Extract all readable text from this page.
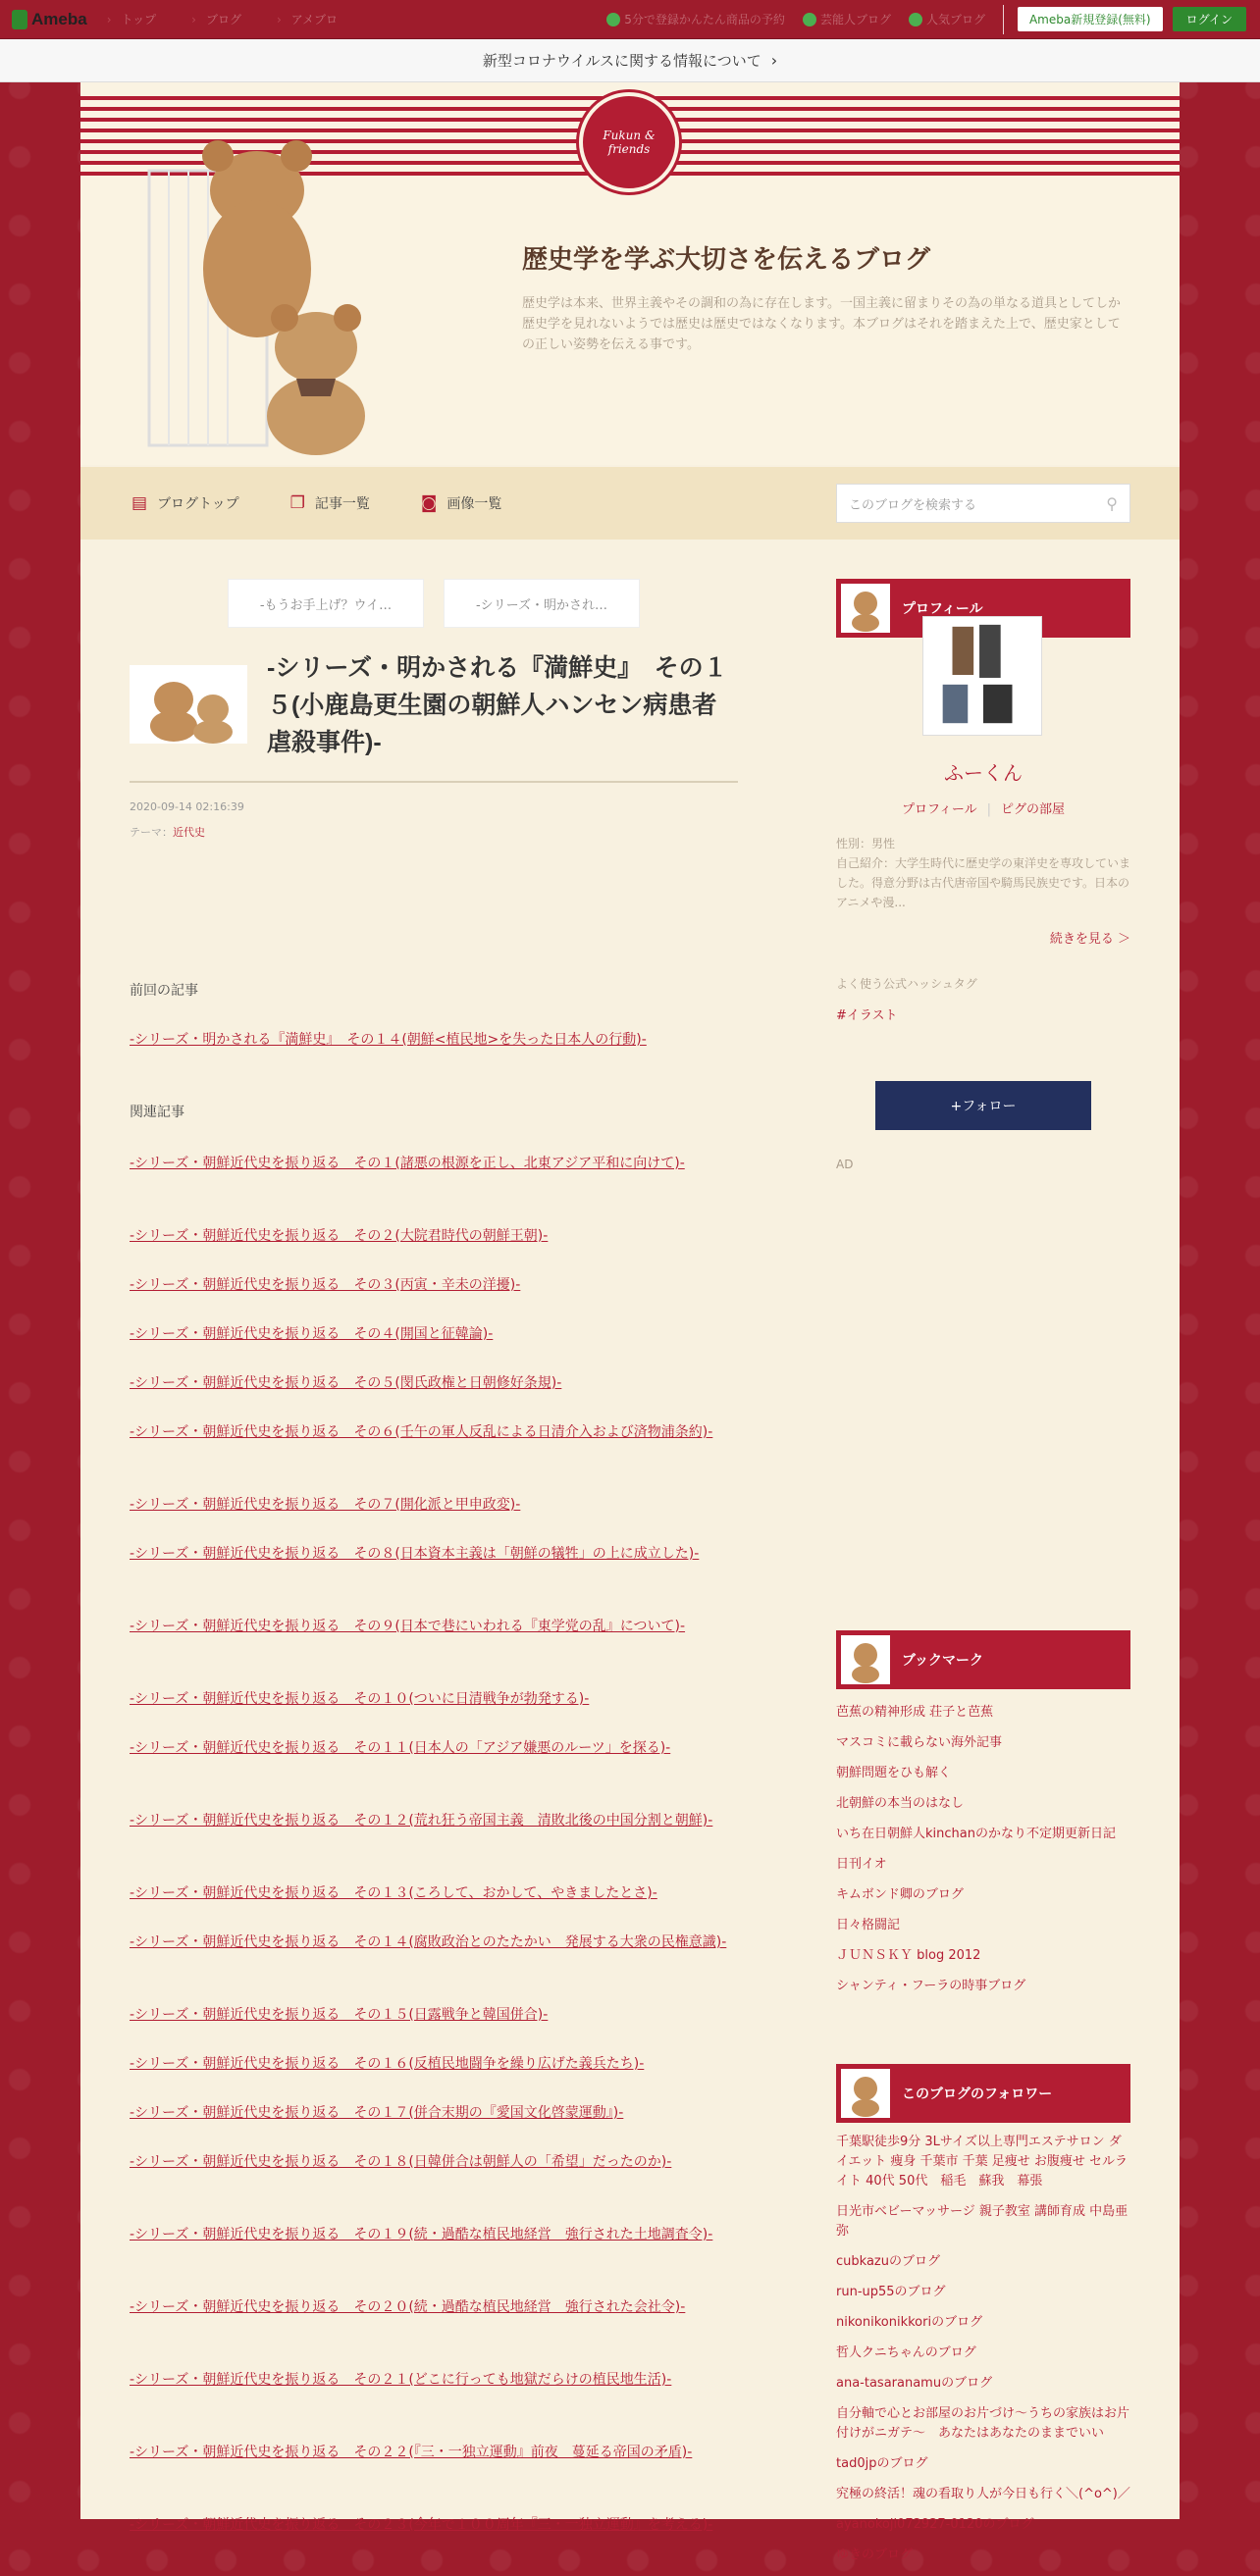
Ameba	› トップ	› ブログ	› アメブロ	5分で登録かんたん商品の予約	芸能人ブログ	人気ブログ	Ameba新規登録(無料)	ログイン
新型コロナウイルスに関する情報について ›
Fukun & friends
歴史学を学ぶ大切さを伝えるブログ
歴史学は本来、世界主義やその調和の為に存在します。一国主義に留まりその為の単なる道具としてしか歴史学を見れないようでは歴史は歴史ではなくなります。本ブログはそれを踏まえた上で、歴史家としての正しい姿勢を伝える事です。
▤ ブログトップ	❐ 記事一覧	◙ 画像一覧	このブログを検索する	⚲
-もうお手上げ？ウイ…	-シリーズ・明かされ…
-シリーズ・明かされる『満鮮史』　その１５(小鹿島更生園の朝鮮人ハンセン病患者虐殺事件)-
2020-09-14 02:16:39
テーマ：近代史
前回の記事
-シリーズ・明かされる『満鮮史』　その１４(朝鮮<植民地>を失った日本人の行動)-
関連記事
-シリーズ・朝鮮近代史を振り返る　その１(諸悪の根源を正し、北東アジア平和に向けて)-
-シリーズ・朝鮮近代史を振り返る　その２(大院君時代の朝鮮王朝)-
-シリーズ・朝鮮近代史を振り返る　その３(丙寅・辛未の洋擾)-
-シリーズ・朝鮮近代史を振り返る　その４(開国と征韓論)-
-シリーズ・朝鮮近代史を振り返る　その５(閔氏政権と日朝修好条規)-
-シリーズ・朝鮮近代史を振り返る　その６(壬午の軍人反乱による日清介入および済物浦条約)-
-シリーズ・朝鮮近代史を振り返る　その７(開化派と甲申政変)-
-シリーズ・朝鮮近代史を振り返る　その８(日本資本主義は「朝鮮の犠牲」の上に成立した)-
-シリーズ・朝鮮近代史を振り返る　その９(日本で巷にいわれる『東学党の乱』について)-
-シリーズ・朝鮮近代史を振り返る　その１０(ついに日清戦争が勃発する)-
-シリーズ・朝鮮近代史を振り返る　その１１(日本人の「アジア嫌悪のルーツ」を探る)-
-シリーズ・朝鮮近代史を振り返る　その１２(荒れ狂う帝国主義　清敗北後の中国分割と朝鮮)-
-シリーズ・朝鮮近代史を振り返る　その１３(ころして、おかして、やきましたとさ)-
-シリーズ・朝鮮近代史を振り返る　その１４(腐敗政治とのたたかい　発展する大衆の民権意識)-
-シリーズ・朝鮮近代史を振り返る　その１５(日露戦争と韓国併合)-
-シリーズ・朝鮮近代史を振り返る　その１６(反植民地闘争を繰り広げた義兵たち)-
-シリーズ・朝鮮近代史を振り返る　その１７(併合末期の『愛国文化啓蒙運動』)-
-シリーズ・朝鮮近代史を振り返る　その１８(日韓併合は朝鮮人の「希望」だったのか)-
-シリーズ・朝鮮近代史を振り返る　その１９(続・過酷な植民地経営　強行された土地調査令)-
-シリーズ・朝鮮近代史を振り返る　その２０(続・過酷な植民地経営　強行された会社令)-
-シリーズ・朝鮮近代史を振り返る　その２１(どこに行っても地獄だらけの植民地生活)-
-シリーズ・朝鮮近代史を振り返る　その２２(『三・一独立運動』前夜　蔓延る帝国の矛盾)-
-シリーズ・朝鮮近代史を振り返る　その２３(今年で１００周年『三・一独立運動』を考える)-
プロフィール
ふーくん
プロフィール | ピグの部屋
性別：男性
自己紹介：大学生時代に歴史学の東洋史を専攻していました。得意分野は古代唐帝国や騎馬民族史です。日本のアニメや漫...
続きを見る ＞
よく使う公式ハッシュタグ
#イラスト
+フォロー
AD
ブックマーク
芭蕉の精神形成 荘子と芭蕉
マスコミに載らない海外記事
朝鮮問題をひも解く
北朝鮮の本当のはなし
いち在日朝鮮人kinchanのかなり不定期更新日記
日刊イオ
キムボンド卿のブログ
日々格闘記
ＪＵＮＳＫＹ blog 2012
シャンティ・フーラの時事ブログ
このブログのフォロワー
千葉駅徒歩9分 3Lサイズ以上専門エステサロン ダイエット 痩身 千葉市 千葉 足痩せ お腹痩せ セルライト 40代 50代　稲毛　蘇我　幕張
日光市ベビーマッサージ 親子教室 講師育成 中島亜弥
cubkazuのブログ
run-up55のブログ
nikonikonikkoriのブログ
哲人クニちゃんのブログ
ana-tasaranamuのブログ
自分軸で心とお部屋のお片づけ～うちの家族はお片付けがニガテ～　あなたはあなたのままでいい
tad0jpのブログ
究極の終活！魂の看取り人が今日も行く＼(^o^)／
ayanokoji072927-0120のブログ
ゆきのブログ
